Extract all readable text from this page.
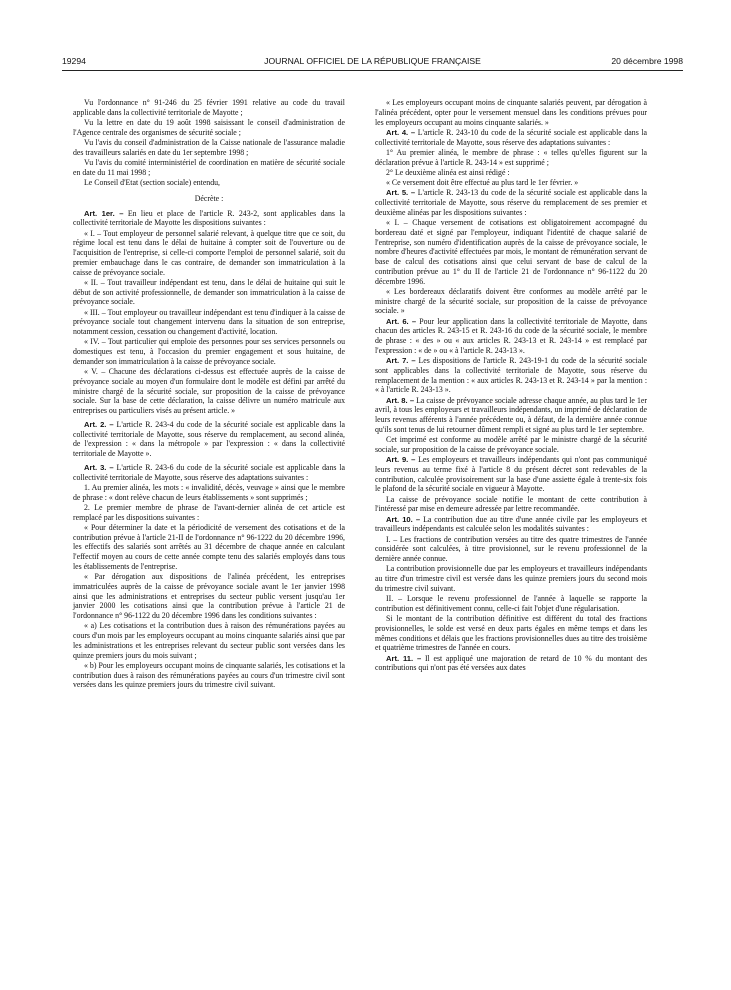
19294	JOURNAL OFFICIEL DE LA RÉPUBLIQUE FRANÇAISE	20 décembre 1998

Vu l'ordonnance n° 91-246 du 25 février 1991 relative au code du travail applicable dans la collectivité territoriale de Mayotte ;

Vu la lettre en date du 19 août 1998 saisissant le conseil d'administration de l'Agence centrale des organismes de sécurité sociale ;

Vu l'avis du conseil d'administration de la Caisse nationale de l'assurance maladie des travailleurs salariés en date du 1er septembre 1998 ;

Vu l'avis du comité interministériel de coordination en matière de sécurité sociale en date du 11 mai 1998 ;

Le Conseil d'Etat (section sociale) entendu,

Décrète :

Art. 1er. – En lieu et place de l'article R. 243-2, sont applicables dans la collectivité territoriale de Mayotte les dispositions suivantes :

« I. – Tout employeur de personnel salarié relevant, à quelque titre que ce soit, du régime local est tenu dans le délai de huitaine à compter soit de l'ouverture ou de l'acquisition de l'entreprise, si celle-ci comporte l'emploi de personnel salarié, soit du premier embauchage dans le cas contraire, de demander son immatriculation à la caisse de prévoyance sociale.

« II. – Tout travailleur indépendant est tenu, dans le délai de huitaine qui suit le début de son activité professionnelle, de demander son immatriculation à la caisse de prévoyance sociale.

« III. – Tout employeur ou travailleur indépendant est tenu d'indiquer à la caisse de prévoyance sociale tout changement intervenu dans la situation de son entreprise, notamment cession, cessation ou changement d'activité, location.

« IV. – Tout particulier qui emploie des personnes pour ses services personnels ou domestiques est tenu, à l'occasion du premier engagement et sous huitaine, de demander son immatriculation à la caisse de prévoyance sociale.

« V. – Chacune des déclarations ci-dessus est effectuée auprès de la caisse de prévoyance sociale au moyen d'un formulaire dont le modèle est défini par arrêté du ministre chargé de la sécurité sociale, sur proposition de la caisse de prévoyance sociale. Sur la base de cette déclaration, la caisse délivre un numéro matricule aux entreprises ou particuliers visés au présent article. »

Art. 2. – L'article R. 243-4 du code de la sécurité sociale est applicable dans la collectivité territoriale de Mayotte, sous réserve du remplacement, au second alinéa, de l'expression : « dans la métropole » par l'expression : « dans la collectivité territoriale de Mayotte ».

Art. 3. – L'article R. 243-6 du code de la sécurité sociale est applicable dans la collectivité territoriale de Mayotte, sous réserve des adaptations suivantes :

1. Au premier alinéa, les mots : « invalidité, décès, veuvage » ainsi que le membre de phrase : « dont relève chacun de leurs établissements » sont supprimés ;

2. Le premier membre de phrase de l'avant-dernier alinéa de cet article est remplacé par les dispositions suivantes :

« Pour déterminer la date et la périodicité de versement des cotisations et de la contribution prévue à l'article 21-II de l'ordonnance n° 96-1222 du 20 décembre 1996, les effectifs des salariés sont arrêtés au 31 décembre de chaque année en calculant l'effectif moyen au cours de cette année compte tenu des salariés employés dans tous les établissements de l'entreprise.

« Par dérogation aux dispositions de l'alinéa précédent, les entreprises immatriculées auprès de la caisse de prévoyance sociale avant le 1er janvier 1998 ainsi que les administrations et entreprises du secteur public versent jusqu'au 1er janvier 2000 les cotisations ainsi que la contribution prévue à l'article 21 de l'ordonnance n° 96-1122 du 20 décembre 1996 dans les conditions suivantes :

« a) Les cotisations et la contribution dues à raison des rémunérations payées au cours d'un mois par les employeurs occupant au moins cinquante salariés ainsi que par les administrations et les entreprises relevant du secteur public sont versées dans les quinze premiers jours du mois suivant ;

« b) Pour les employeurs occupant moins de cinquante salariés, les cotisations et la contribution dues à raison des rémunérations payées au cours d'un trimestre civil sont versées dans les quinze premiers jours du trimestre civil suivant.

« Les employeurs occupant moins de cinquante salariés peuvent, par dérogation à l'alinéa précédent, opter pour le versement mensuel dans les conditions prévues pour les employeurs occupant au moins cinquante salariés. »

Art. 4. – L'article R. 243-10 du code de la sécurité sociale est applicable dans la collectivité territoriale de Mayotte, sous réserve des adaptations suivantes :

1° Au premier alinéa, le membre de phrase : « telles qu'elles figurent sur la déclaration prévue à l'article R. 243-14 » est supprimé ;

2° Le deuxième alinéa est ainsi rédigé :

« Ce versement doit être effectué au plus tard le 1er février. »

Art. 5. – L'article R. 243-13 du code de la sécurité sociale est applicable dans la collectivité territoriale de Mayotte, sous réserve du remplacement de ses premier et deuxième alinéas par les dispositions suivantes :

« I. – Chaque versement de cotisations est obligatoirement accompagné du bordereau daté et signé par l'employeur, indiquant l'identité de chaque salarié de l'entreprise, son numéro d'identification auprès de la caisse de prévoyance sociale, le nombre d'heures d'activité effectuées par mois, le montant de rémunération servant de base de calcul des cotisations ainsi que celui servant de base de calcul de la contribution prévue au 1° du II de l'article 21 de l'ordonnance n° 96-1122 du 20 décembre 1996.

« Les bordereaux déclaratifs doivent être conformes au modèle arrêté par le ministre chargé de la sécurité sociale, sur proposition de la caisse de prévoyance sociale. »

Art. 6. – Pour leur application dans la collectivité territoriale de Mayotte, dans chacun des articles R. 243-15 et R. 243-16 du code de la sécurité sociale, le membre de phrase : « des » ou « aux articles R. 243-13 et R. 243-14 » est remplacé par l'expression : « de » ou « à l'article R. 243-13 ».

Art. 7. – Les dispositions de l'article R. 243-19-1 du code de la sécurité sociale sont applicables dans la collectivité territoriale de Mayotte, sous réserve du remplacement de la mention : « aux articles R. 243-13 et R. 243-14 » par la mention : « à l'article R. 243-13 ».

Art. 8. – La caisse de prévoyance sociale adresse chaque année, au plus tard le 1er avril, à tous les employeurs et travailleurs indépendants, un imprimé de déclaration de leurs revenus afférents à l'année précédente ou, à défaut, de la dernière année connue qu'ils sont tenus de lui retourner dûment rempli et signé au plus tard le 1er septembre.

Cet imprimé est conforme au modèle arrêté par le ministre chargé de la sécurité sociale, sur proposition de la caisse de prévoyance sociale.

Art. 9. – Les employeurs et travailleurs indépendants qui n'ont pas communiqué leurs revenus au terme fixé à l'article 8 du présent décret sont redevables de la contribution, calculée provisoirement sur la base d'une assiette égale à trente-six fois le plafond de la sécurité sociale en vigueur à Mayotte.

La caisse de prévoyance sociale notifie le montant de cette contribution à l'intéressé par mise en demeure adressée par lettre recommandée.

Art. 10. – La contribution due au titre d'une année civile par les employeurs et travailleurs indépendants est calculée selon les modalités suivantes :

I. – Les fractions de contribution versées au titre des quatre trimestres de l'année considérée sont calculées, à titre provisionnel, sur le revenu professionnel de la dernière année connue.

La contribution provisionnelle due par les employeurs et travailleurs indépendants au titre d'un trimestre civil est versée dans les quinze premiers jours du second mois du trimestre civil suivant.

II. – Lorsque le revenu professionnel de l'année à laquelle se rapporte la contribution est définitivement connu, celle-ci fait l'objet d'une régularisation.

Si le montant de la contribution définitive est différent du total des fractions provisionnelles, le solde est versé en deux parts égales en même temps et dans les mêmes conditions et délais que les fractions provisionnelles dues au titre des troisième et quatrième trimestres de l'année en cours.

Art. 11. – Il est appliqué une majoration de retard de 10 % du montant des contributions qui n'ont pas été versées aux dates
